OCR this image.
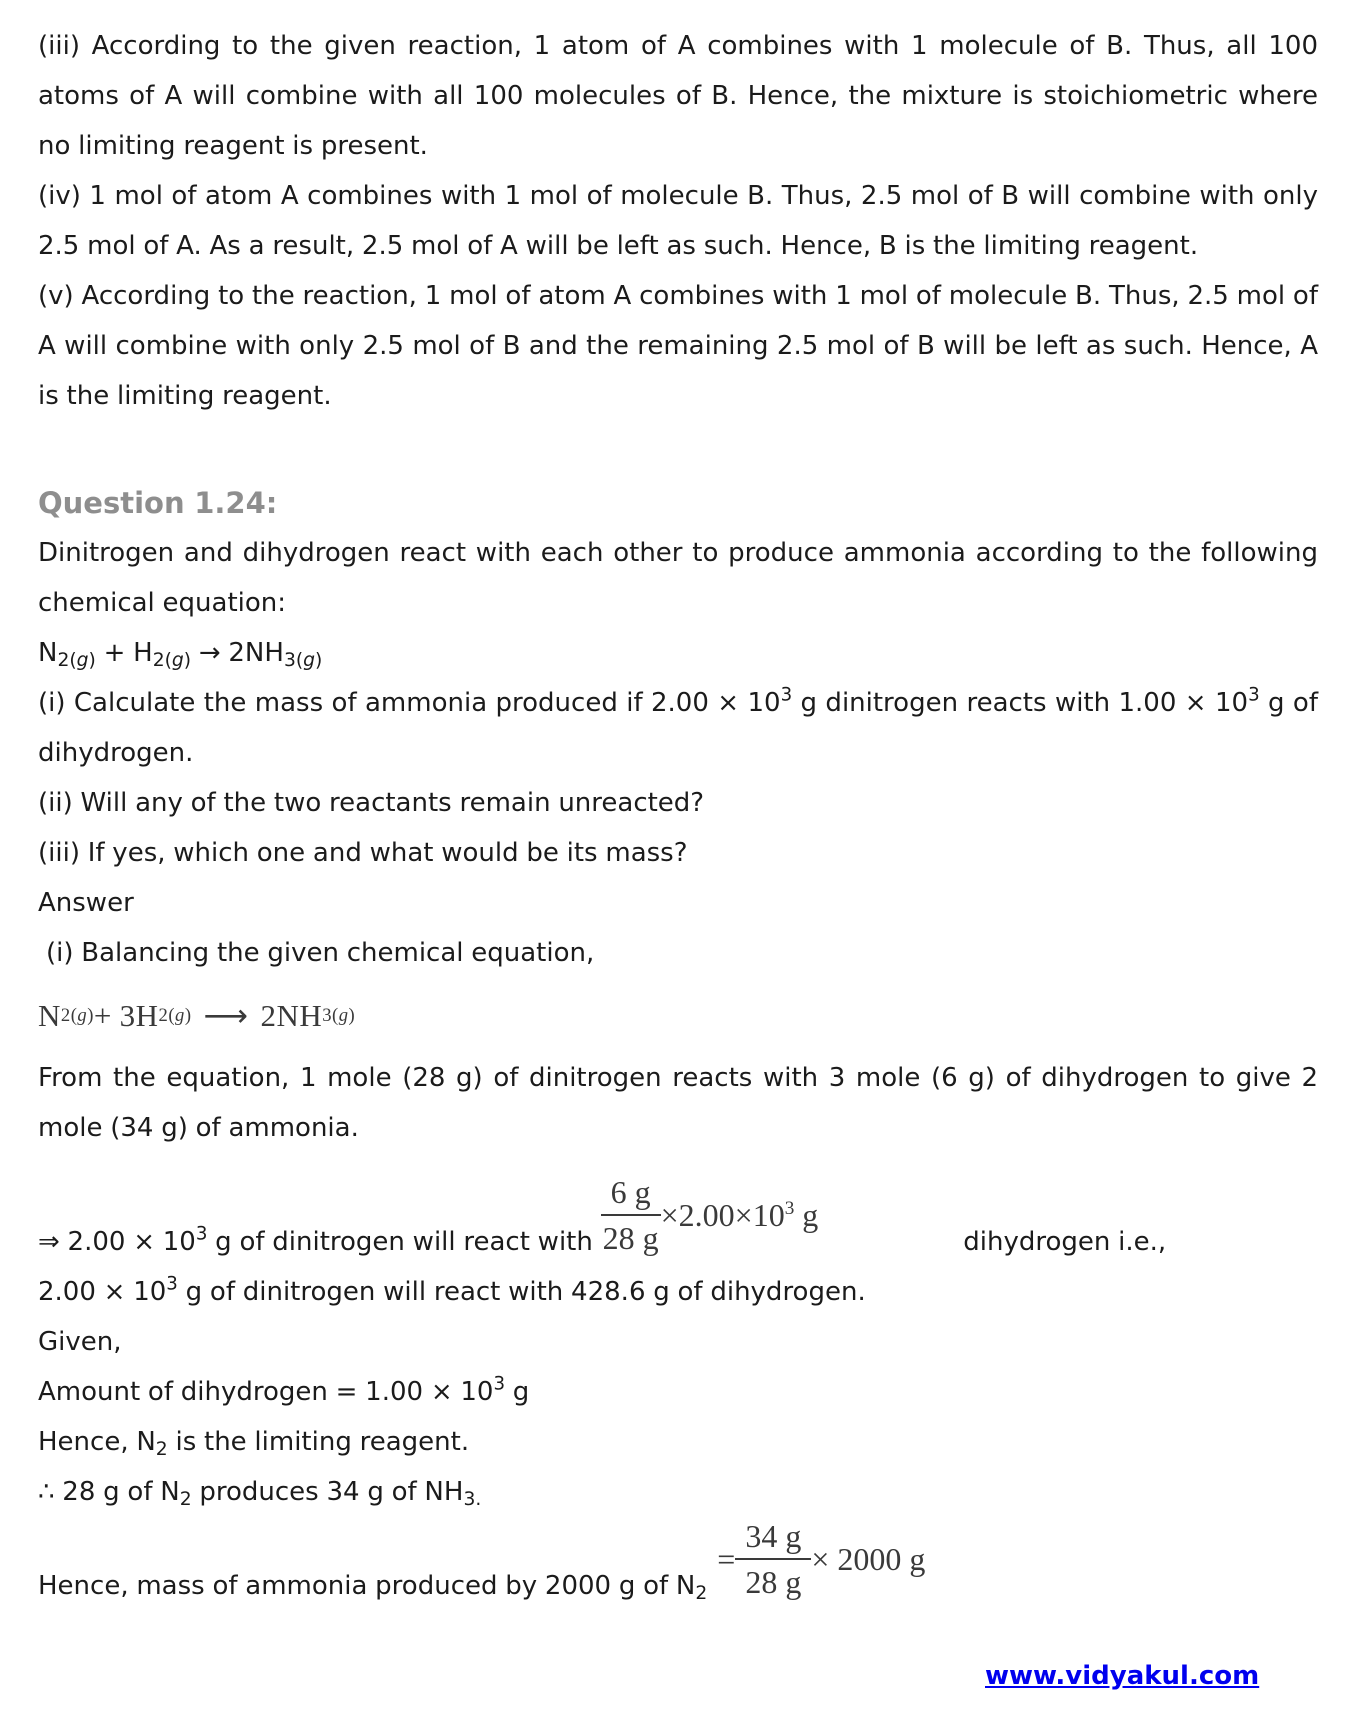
(iii) According to the given reaction, 1 atom of A combines with 1 molecule of B. Thus, all 100 atoms of A will combine with all 100 molecules of B. Hence, the mixture is stoichiometric where no limiting reagent is present.

(iv) 1 mol of atom A combines with 1 mol of molecule B. Thus, 2.5 mol of B will combine with only 2.5 mol of A. As a result, 2.5 mol of A will be left as such. Hence, B is the limiting reagent.

(v) According to the reaction, 1 mol of atom A combines with 1 mol of molecule B. Thus, 2.5 mol of A will combine with only 2.5 mol of B and the remaining 2.5 mol of B will be left as such. Hence, A is the limiting reagent.

Question 1.24:

Dinitrogen and dihydrogen react with each other to produce ammonia according to the following chemical equation:

$N_{2(g)} + H_{2(g)} \to 2NH_{3(g)}$

(i) Calculate the mass of ammonia produced if $2.00 \times 10^3$ g dinitrogen reacts with $1.00 \times 10^3$ g of dihydrogen.

(ii) Will any of the two reactants remain unreacted?

(iii) If yes, which one and what would be its mass?

Answer

(i) Balancing the given chemical equation,

N 2( g ) + 3H 2( g ) ⟶ 2NH 3( g )

From the equation, 1 mole (28 g) of dinitrogen reacts with 3 mole (6 g) of dihydrogen to give 2 mole (34 g) of ammonia.

⇒ $2.00 \times 10^3$ g of dinitrogen will react with $\frac{6 g}{28 g} \times 2.00\times 10^3$ g
dihydrogen i.e.,

$2.00 \times 10^3$ g of dinitrogen will react with 428.6 g of dihydrogen.

Given,

Amount of dihydrogen = $1.00 \times 10^3$ g

Hence, $N_2$ is the limiting reagent.

∴ 28 g of $N_2$ produces 34 g of $NH_{3.}$

Hence, mass of ammonia produced by 2000 g of $N_2$
= $\frac{34 g}{28 g} \times 2000$ g

www.vidyakul.com
